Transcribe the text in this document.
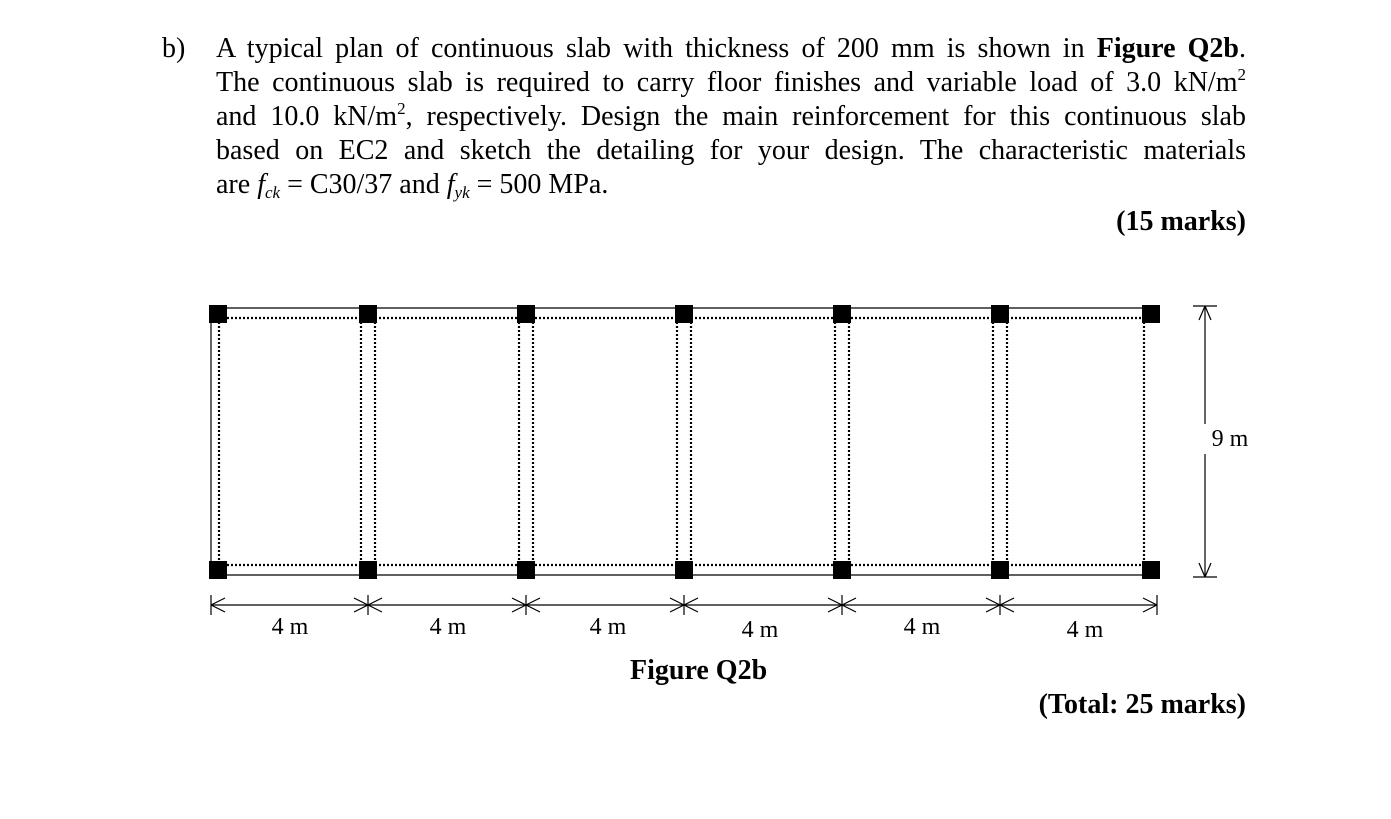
b) A typical plan of continuous slab with thickness of 200 mm is shown in Figure Q2b.
The continuous slab is required to carry floor finishes and variable load of 3.0 $kN/m^2$
and 10.0 $kN/m^2$, respectively. Design the main reinforcement for this continuous slab
based on EC2 and sketch the detailing for your design. The characteristic materials
are $f_{ck} = C30/37$ and $f_{yk} = 500$ MPa.
(15 marks)
4 m	4 m	4 m	4 m	4 m	4 m
9 m
Figure Q2b
(Total: 25 marks)
